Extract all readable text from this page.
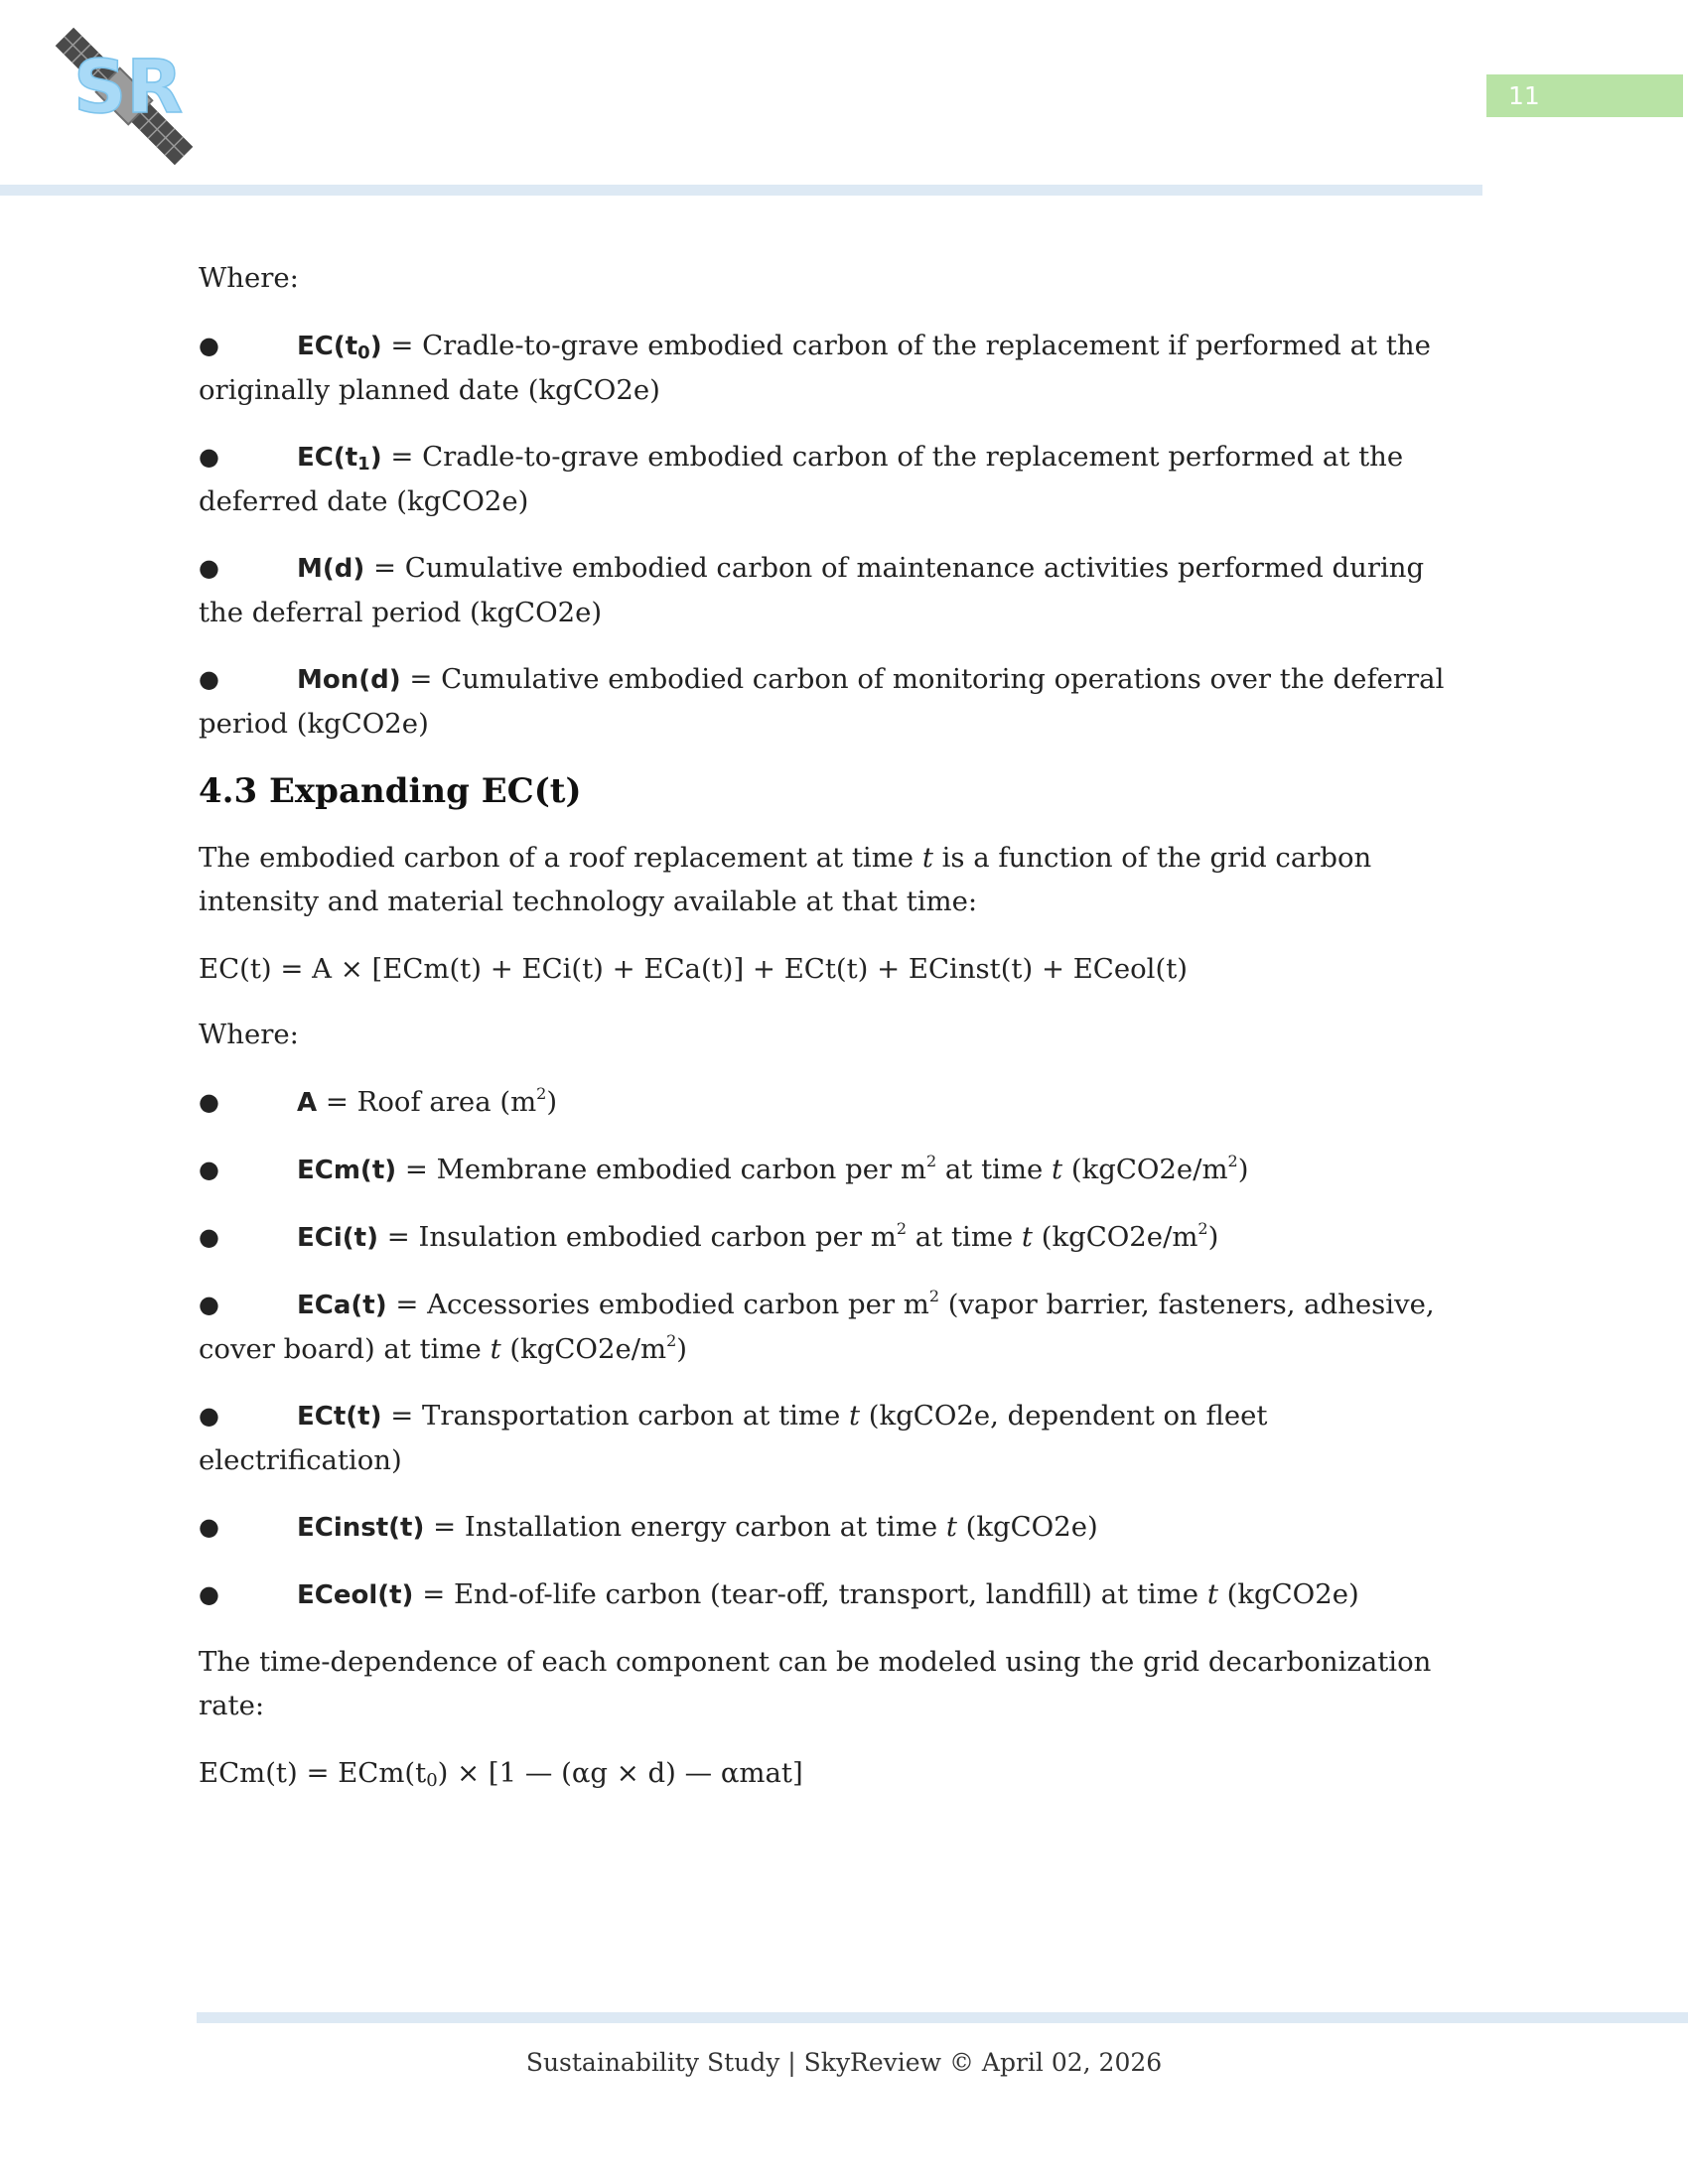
SR	11

Where:

●	$EC(t_0)$ = Cradle-to-grave embodied carbon of the replacement if performed at the originally planned date (kgCO2e)
●	$EC(t_1)$ = Cradle-to-grave embodied carbon of the replacement performed at the deferred date (kgCO2e)
●	M(d) = Cumulative embodied carbon of maintenance activities performed during the deferral period (kgCO2e)
●	Mon(d) = Cumulative embodied carbon of monitoring operations over the deferral period (kgCO2e)
4.3 Expanding EC(t)

The embodied carbon of a roof replacement at time t is a function of the grid carbon intensity and material technology available at that time:

EC(t) = A × [ECm(t) + ECi(t) + ECa(t)] + ECt(t) + ECinst(t) + ECeol(t)

Where:

●	A = Roof area $(m^2)$
●	ECm(t) = Membrane embodied carbon per $m^2$ at time t $(kgCO2e/m^2)$
●	ECi(t) = Insulation embodied carbon per $m^2$ at time t $(kgCO2e/m^2)$
●	ECa(t) = Accessories embodied carbon per $m^2$ (vapor barrier, fasteners, adhesive, cover board) at time t $(kgCO2e/m^2)$
●	ECt(t) = Transportation carbon at time t (kgCO2e, dependent on fleet electrification)
●	ECinst(t) = Installation energy carbon at time t (kgCO2e)
●	ECeol(t) = End-of-life carbon (tear-off, transport, landfill) at time t (kgCO2e)

The time-dependence of each component can be modeled using the grid decarbonization rate:

$ECm(t) = ECm(t_0) \times [1$ — (αg × d) — αmat]

Sustainability Study | SkyReview © April 02, 2026
